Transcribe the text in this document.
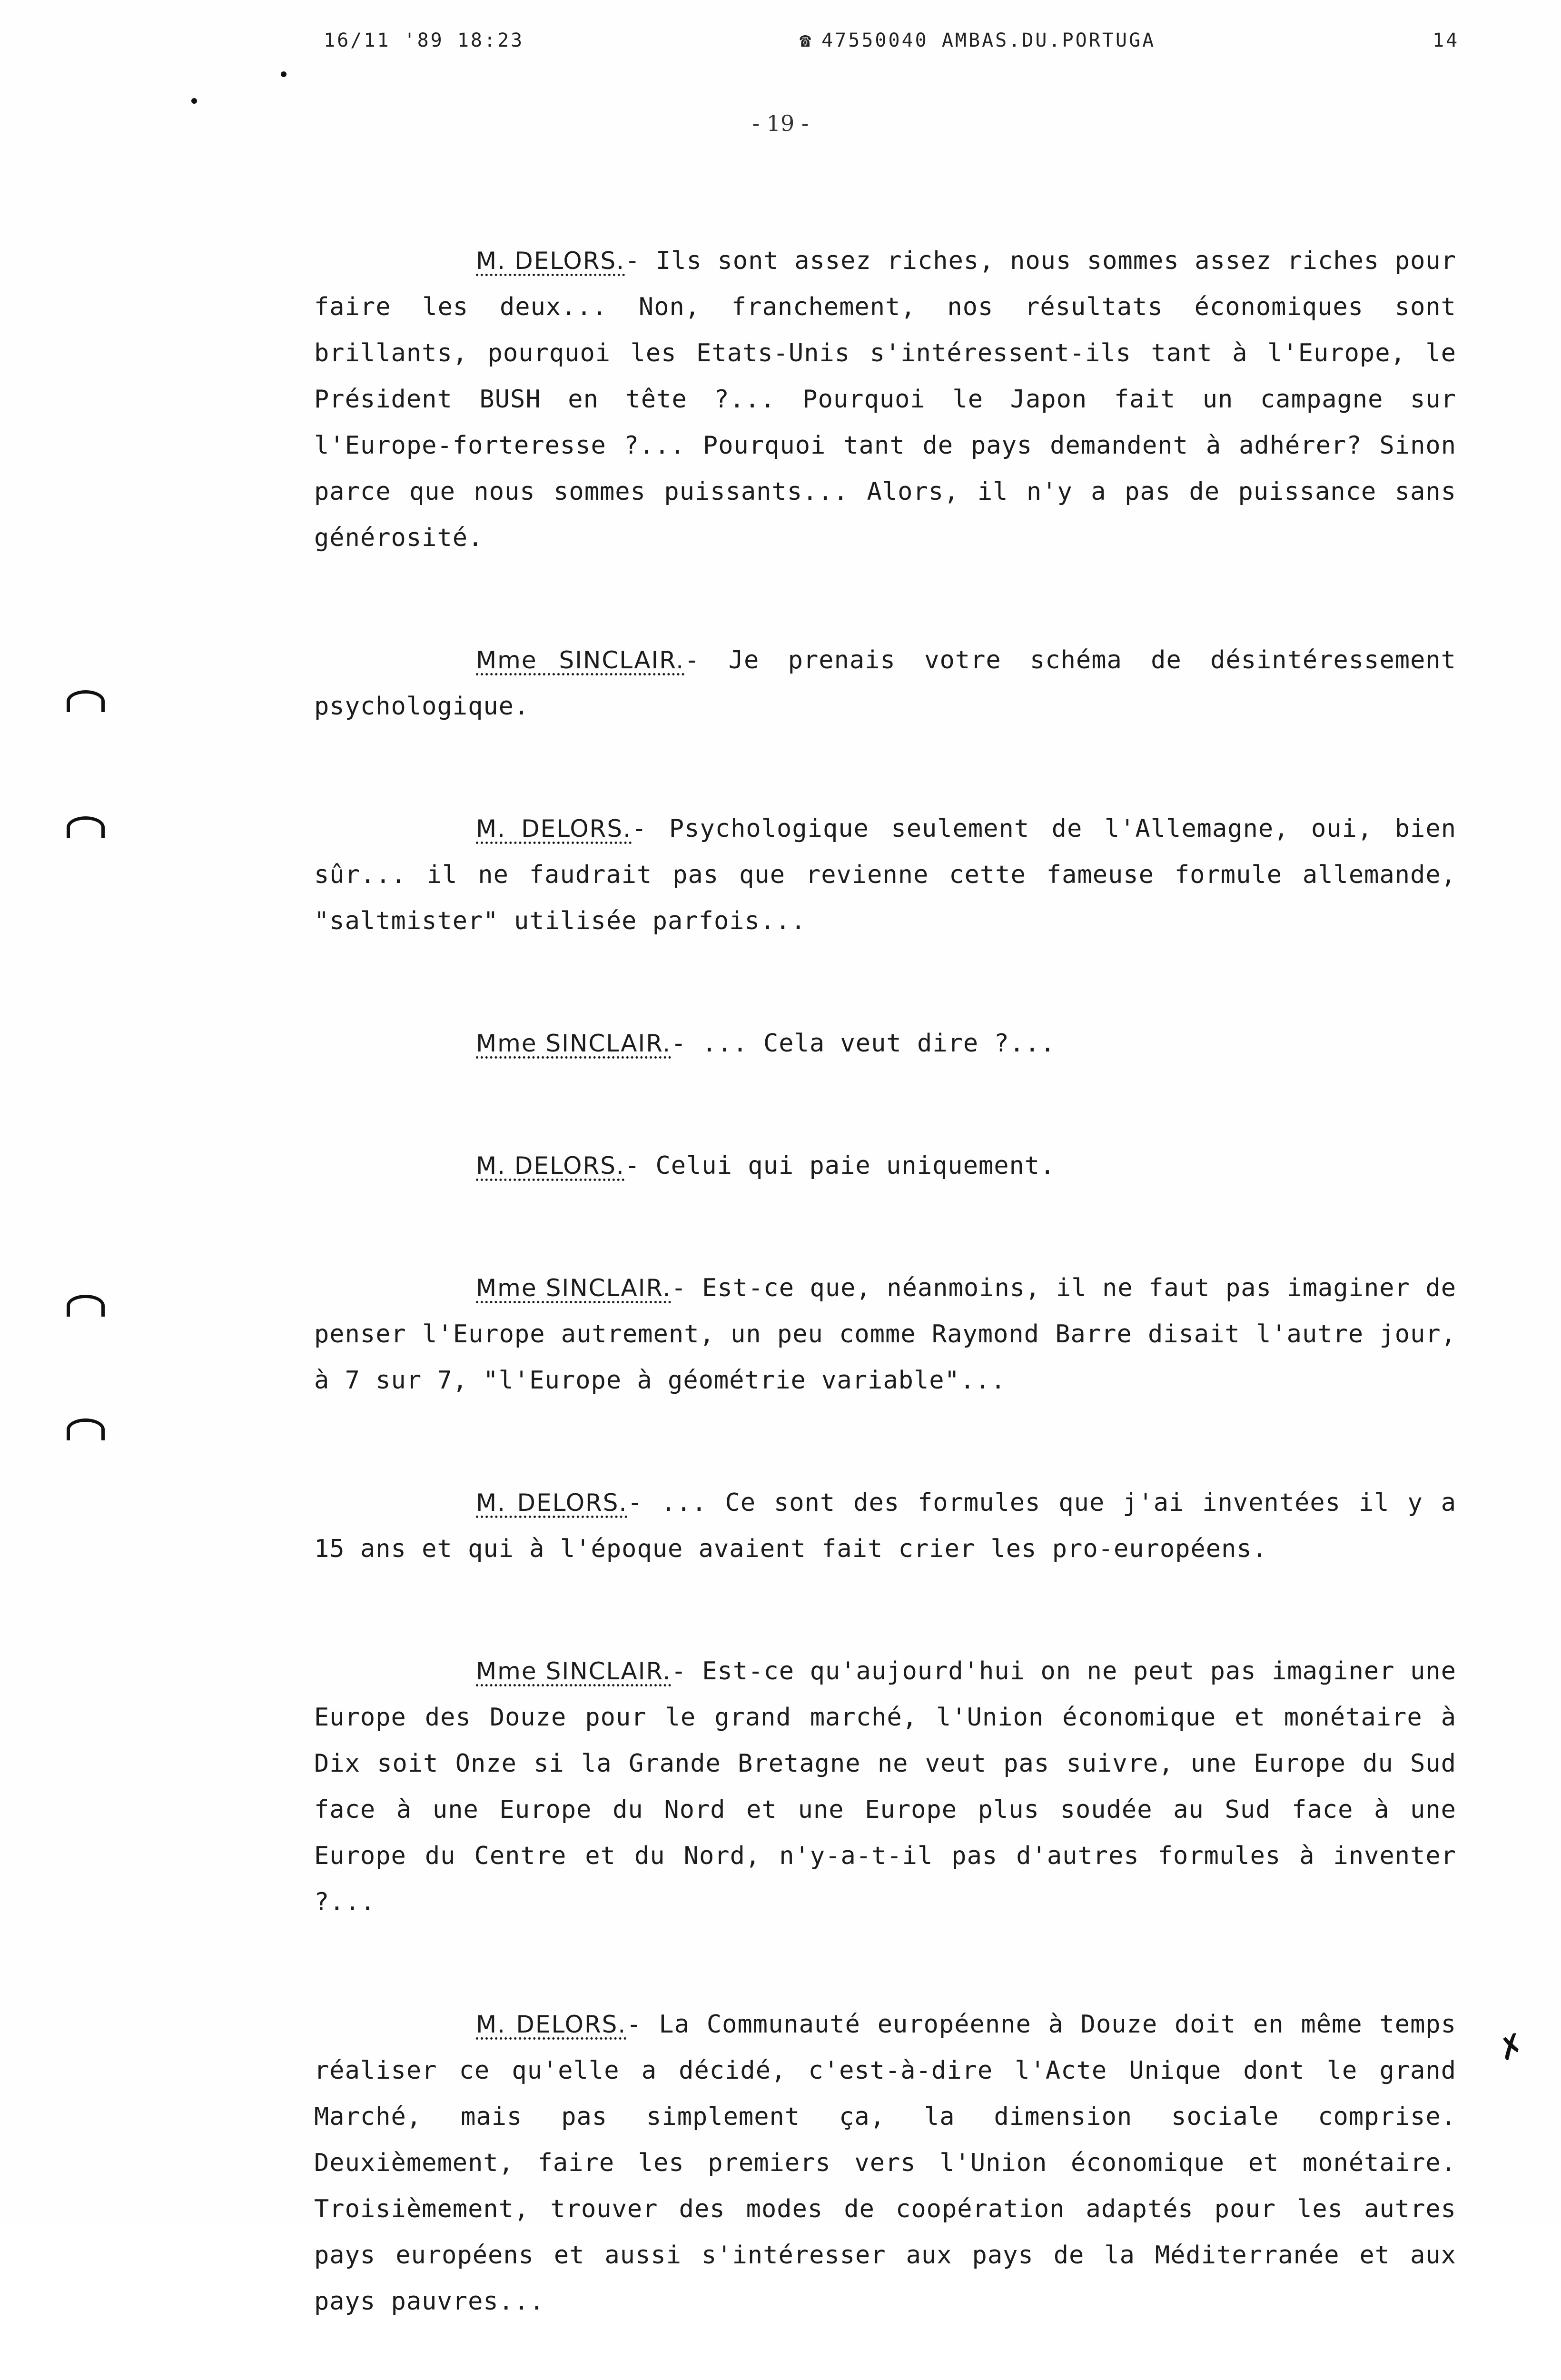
16/11 '89 18:23	☎ 47550040 AMBAS.DU.PORTUGA	14
- 19 -

M. DELORS.- Ils sont assez riches, nous sommes assez riches pour faire les deux... Non, franchement, nos résultats économiques sont brillants, pourquoi les Etats-Unis s'intéressent-ils tant à l'Europe, le Président BUSH en tête ?... Pourquoi le Japon fait un campagne sur l'Europe-forteresse ?... Pourquoi tant de pays demandent à adhérer? Sinon parce que nous sommes puissants... Alors, il n'y a pas de puissance sans générosité.

Mme SINCLAIR.- Je prenais votre schéma de désintéressement psychologique.

M. DELORS.- Psychologique seulement de l'Allemagne, oui, bien sûr... il ne faudrait pas que revienne cette fameuse formule allemande, "saltmister" utilisée parfois...

Mme SINCLAIR.- ... Cela veut dire ?...

M. DELORS.- Celui qui paie uniquement.

Mme SINCLAIR.- Est-ce que, néanmoins, il ne faut pas imaginer de penser l'Europe autrement, un peu comme Raymond Barre disait l'autre jour, à 7 sur 7, "l'Europe à géométrie variable"...

M. DELORS.- ... Ce sont des formules que j'ai inventées il y a 15 ans et qui à l'époque avaient fait crier les pro-européens.

Mme SINCLAIR.- Est-ce qu'aujourd'hui on ne peut pas imaginer une Europe des Douze pour le grand marché, l'Union économique et monétaire à Dix soit Onze si la Grande Bretagne ne veut pas suivre, une Europe du Sud face à une Europe du Nord et une Europe plus soudée au Sud face à une Europe du Centre et du Nord, n'y-a-t-il pas d'autres formules à inventer ?...

M. DELORS.- La Communauté européenne à Douze doit en même temps réaliser ce qu'elle a décidé, c'est-à-dire l'Acte Unique dont le grand Marché, mais pas simplement ça, la dimension sociale comprise. Deuxièmement, faire les premiers vers l'Union économique et monétaire. Troisièmement, trouver des modes de coopération adaptés pour les autres pays européens et aussi s'intéresser aux pays de la Méditerranée et aux pays pauvres...

✗
